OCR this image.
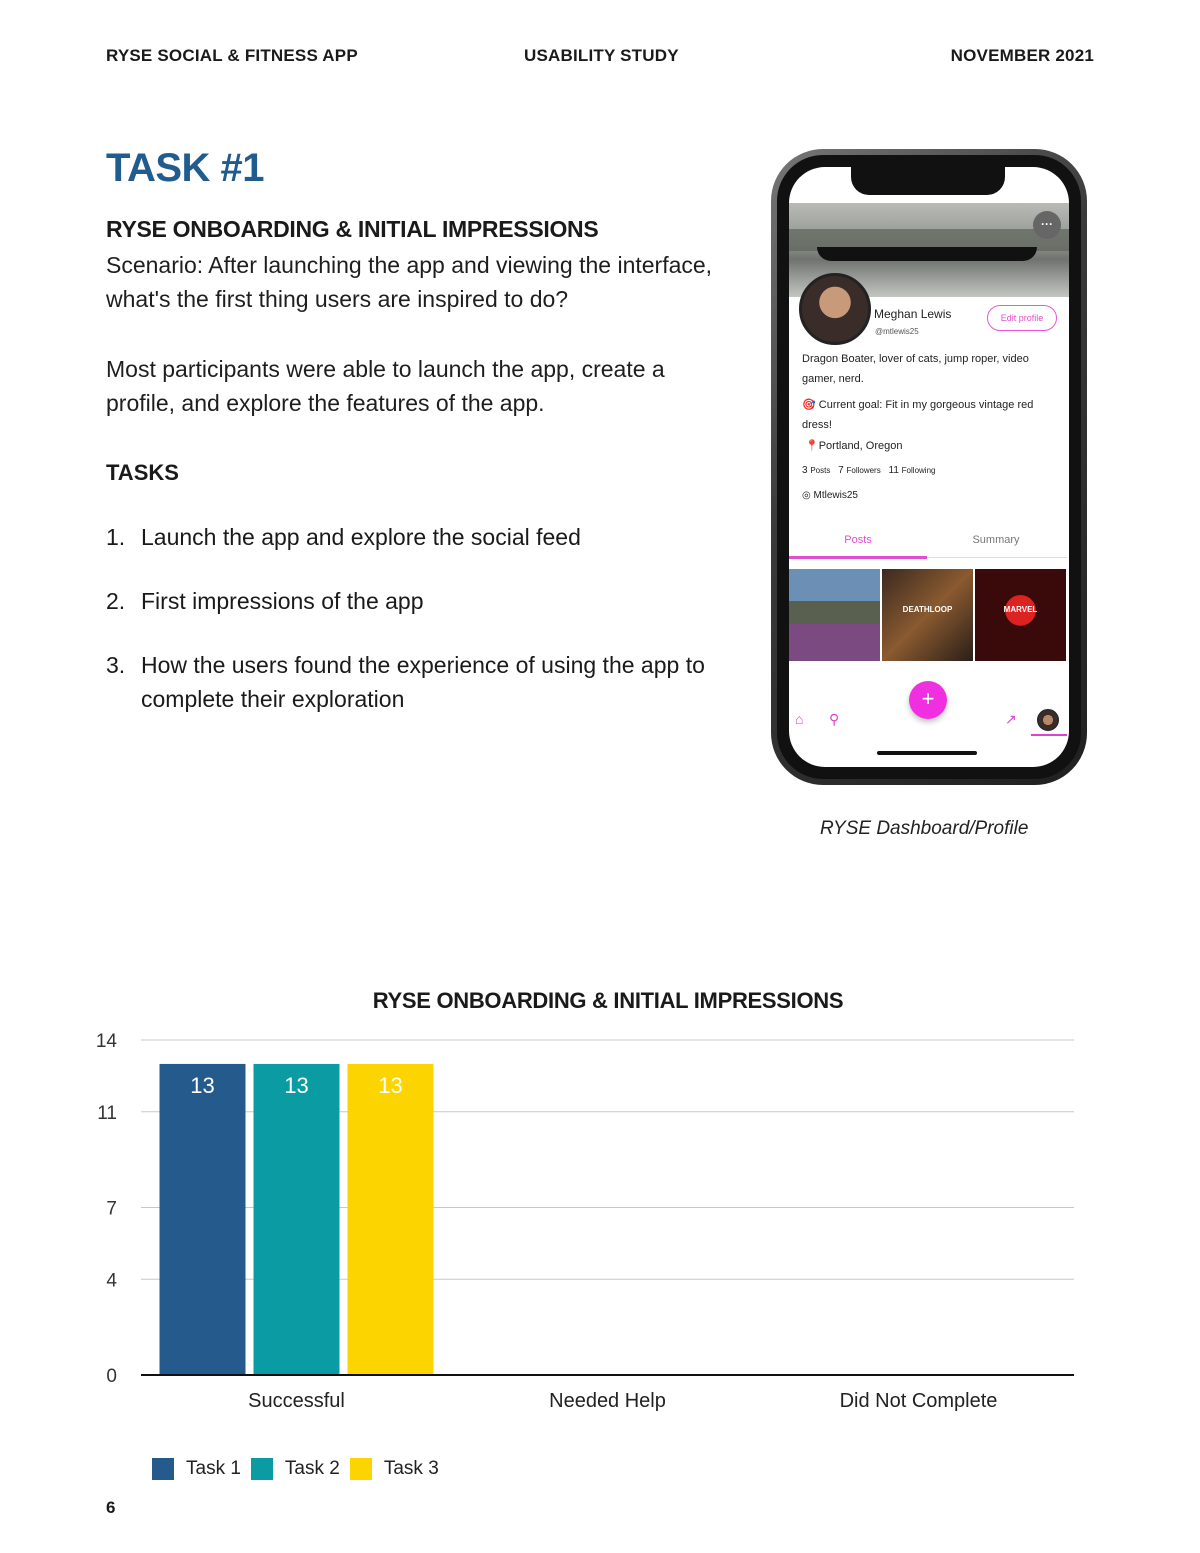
RYSE SOCIAL & FITNESS APP	USABILITY STUDY	NOVEMBER 2021
TASK #1
RYSE ONBOARDING & INITIAL IMPRESSIONS

Scenario: After launching the app and viewing the interface, what's the first thing users are inspired to do?

Most participants were able to launch the app, create a profile, and explore the features of the app.

TASKS
1. Launch the app and explore the social feed
2. First impressions of the app
3. How the users found the experience of using the app to complete their exploration
···
Meghan Lewis
@mtlewis25
Edit profile
Dragon Boater, lover of cats, jump roper, video gamer, nerd.
🎯 Current goal: Fit in my gorgeous vintage red dress!
📍Portland, Oregon
3 Posts 7 Followers 11 Following
◎ Mtlewis25
Posts	Summary
DEATHLOOP	MARVEL
+
⌂ ⚲	↗
RYSE Dashboard/Profile
RYSE ONBOARDING & INITIAL IMPRESSIONS
0
4
7
11
14
13	13	13
Successful	Needed Help	Did Not Complete
Task 1 Task 2 Task 3
6
